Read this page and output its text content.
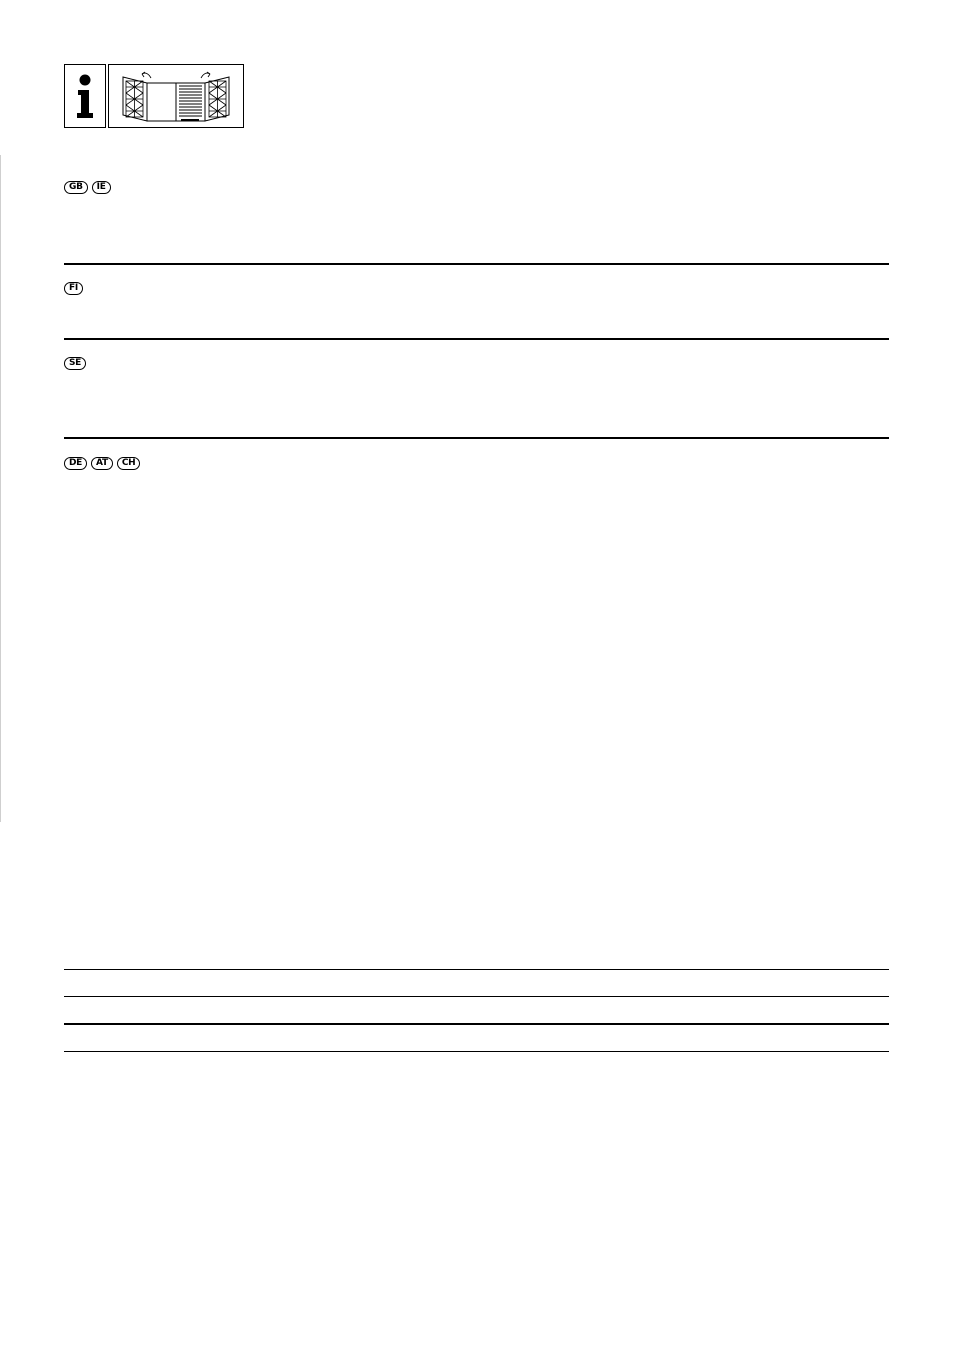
GB	IE
FI
SE
DE	AT	CH
